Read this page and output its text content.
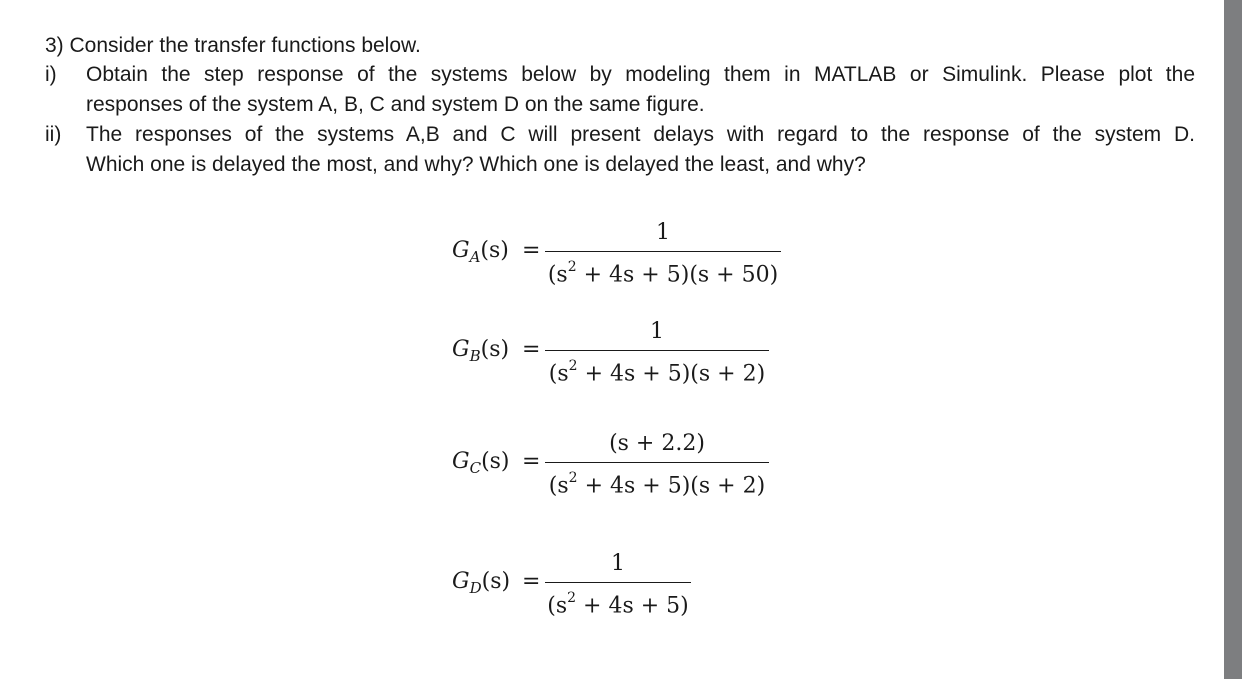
3) Consider the transfer functions below.
i) Obtain the step response of the systems below by modeling them in MATLAB or Simulink. Please plot the
responses of the system A, B, C and system D on the same figure.
ii) The responses of the systems A,B and C will present delays with regard to the response of the system D.
Which one is delayed the most, and why? Which one is delayed the least, and why?
$G_A(s)$ =
1
$(s^2 + 4s + 5)(s + 50)$
$G_B(s)$ =
1
$(s^2 + 4s + 5)(s + 2)$
$G_C(s)$ =
(s + 2.2)
$(s^2 + 4s + 5)(s + 2)$
$G_D(s)$ =
1
$(s^2 + 4s + 5)$
